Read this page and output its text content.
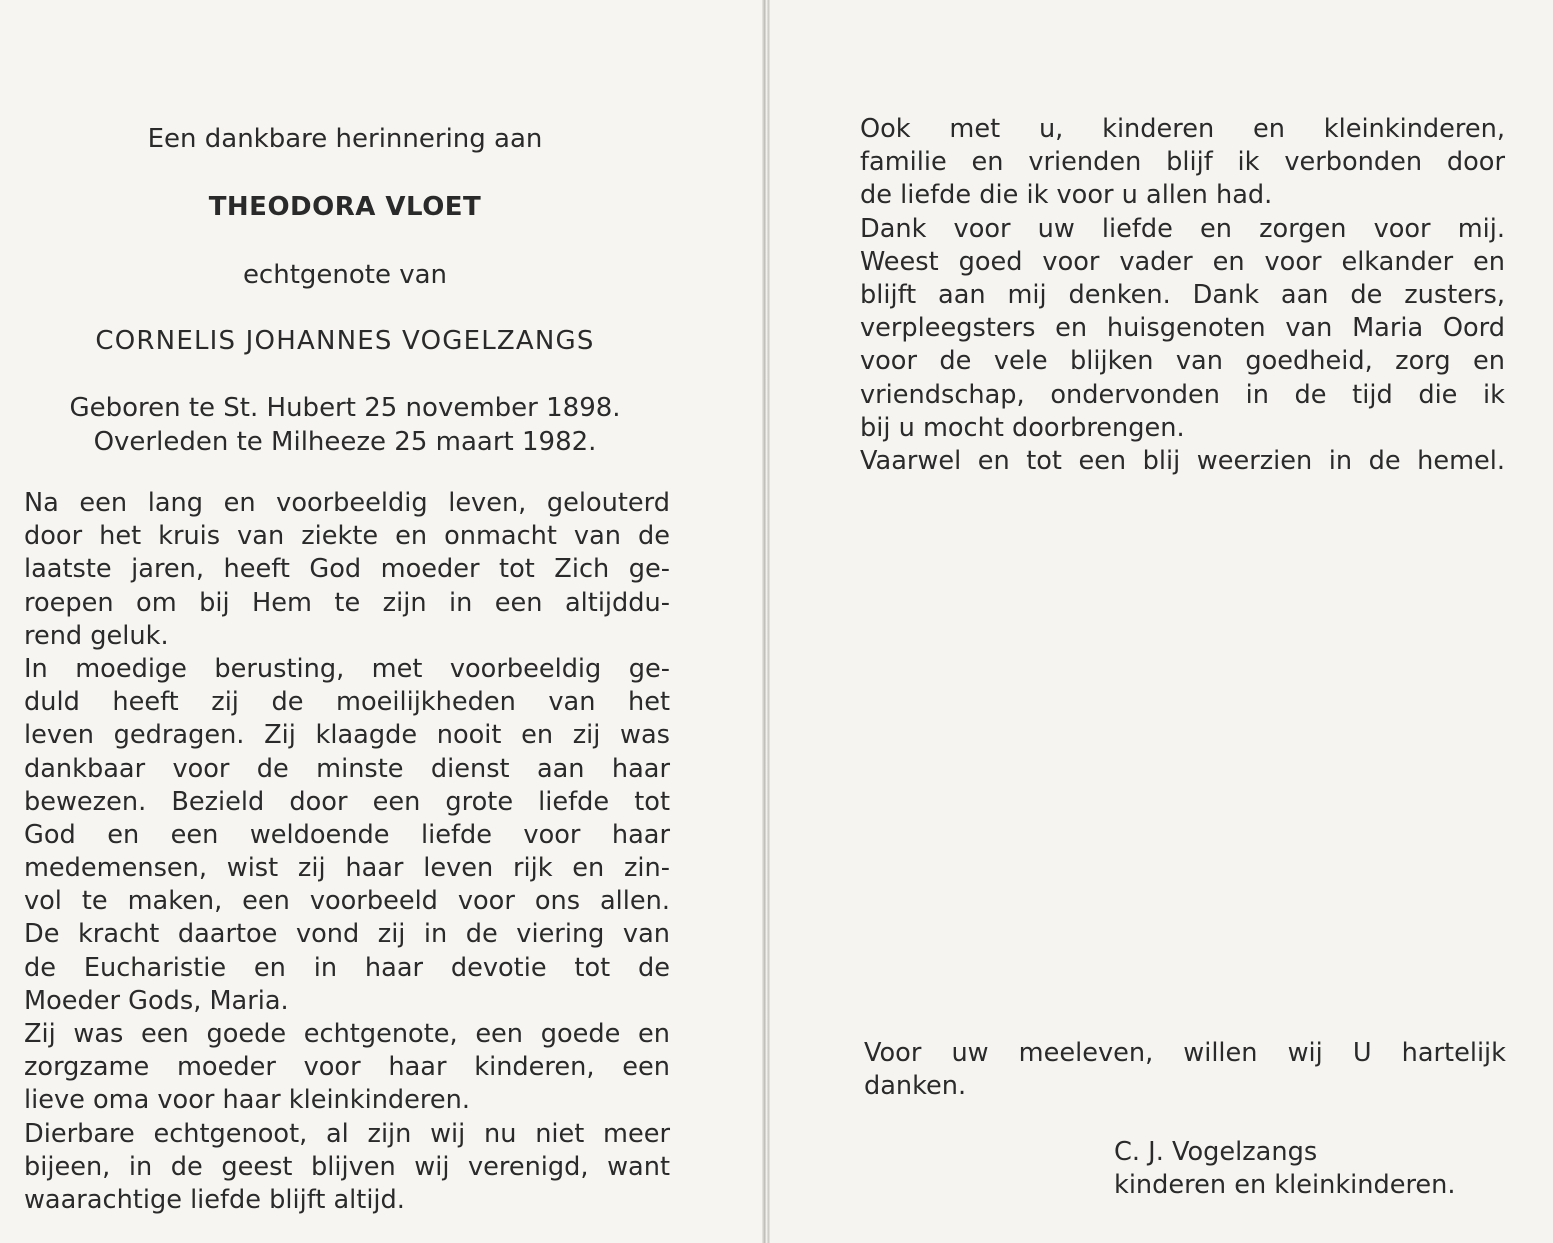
Een dankbare herinnering aan
THEODORA VLOET
echtgenote van
CORNELIS JOHANNES VOGELZANGS
Geboren te St. Hubert 25 november 1898.
Overleden te Milheeze 25 maart 1982.
Na een lang en voorbeeldig leven, gelouterd
door het kruis van ziekte en onmacht van de
laatste jaren, heeft God moeder tot Zich ge-
roepen om bij Hem te zijn in een altijddu-
rend geluk.
In moedige berusting, met voorbeeldig ge-
duld heeft zij de moeilijkheden van het
leven gedragen. Zij klaagde nooit en zij was
dankbaar voor de minste dienst aan haar
bewezen. Bezield door een grote liefde tot
God en een weldoende liefde voor haar
medemensen, wist zij haar leven rijk en zin-
vol te maken, een voorbeeld voor ons allen.
De kracht daartoe vond zij in de viering van
de Eucharistie en in haar devotie tot de
Moeder Gods, Maria.
Zij was een goede echtgenote, een goede en
zorgzame moeder voor haar kinderen, een
lieve oma voor haar kleinkinderen.
Dierbare echtgenoot, al zijn wij nu niet meer
bijeen, in de geest blijven wij verenigd, want
waarachtige liefde blijft altijd.
Ook met u, kinderen en kleinkinderen,
familie en vrienden blijf ik verbonden door
de liefde die ik voor u allen had.
Dank voor uw liefde en zorgen voor mij.
Weest goed voor vader en voor elkander en
blijft aan mij denken. Dank aan de zusters,
verpleegsters en huisgenoten van Maria Oord
voor de vele blijken van goedheid, zorg en
vriendschap, ondervonden in de tijd die ik
bij u mocht doorbrengen.
Vaarwel en tot een blij weerzien in de hemel.
Voor uw meeleven, willen wij U hartelijk
danken.
C. J. Vogelzangs
kinderen en kleinkinderen.
